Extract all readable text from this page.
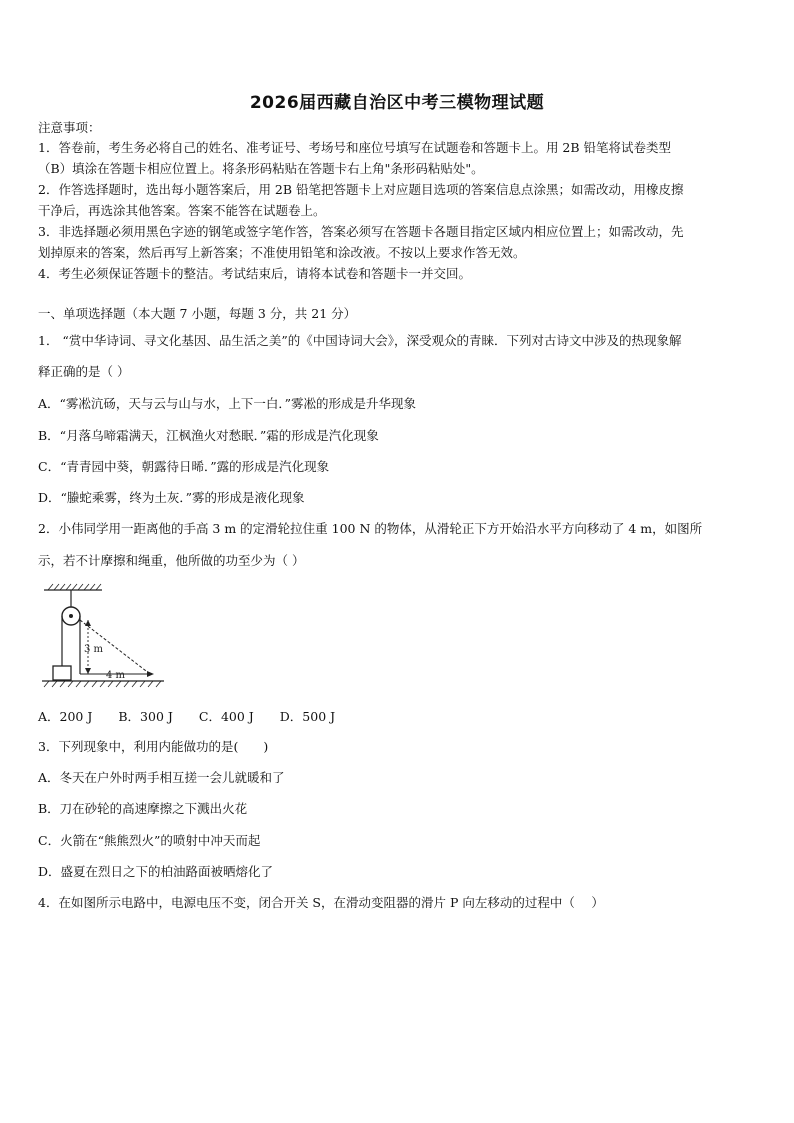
2026届西藏自治区中考三模物理试题
注意事项：
1．答卷前，考生务必将自己的姓名、准考证号、考场号和座位号填写在试题卷和答题卡上。用 2B 铅笔将试卷类型
（B）填涂在答题卡相应位置上。将条形码粘贴在答题卡右上角"条形码粘贴处"。
2．作答选择题时，选出每小题答案后，用 2B 铅笔把答题卡上对应题目选项的答案信息点涂黑；如需改动，用橡皮擦
干净后，再选涂其他答案。答案不能答在试题卷上。
3．非选择题必须用黑色字迹的钢笔或签字笔作答，答案必须写在答题卡各题目指定区域内相应位置上；如需改动，先
划掉原来的答案，然后再写上新答案；不准使用铅笔和涂改液。不按以上要求作答无效。
4．考生必须保证答题卡的整洁。考试结束后，请将本试卷和答题卡一并交回。
一、单项选择题（本大题 7 小题，每题 3 分，共 21 分）
1． “赏中华诗词、寻文化基因、品生活之美”的《中国诗词大会》，深受观众的青睐．下列对古诗文中涉及的热现象解
释正确的是（ ）
A．“雾凇沆砀，天与云与山与水，上下一白．”雾凇的形成是升华现象
B．“月落乌啼霜满天，江枫渔火对愁眠．”霜的形成是汽化现象
C．“青青园中葵，朝露待日晞．”露的形成是汽化现象
D．“螣蛇乘雾，终为土灰．”雾的形成是液化现象
2．小伟同学用一距离他的手高 3 m 的定滑轮拉住重 100 N 的物体，从滑轮正下方开始沿水平方向移动了 4 m，如图所
示，若不计摩擦和绳重，他所做的功至少为（ ）
3 m
4 m
A．200 J B．300 J C．400 J D．500 J
3．下列现象中，利用内能做功的是(　　)
A．冬天在户外时两手相互搓一会儿就暖和了
B．刀在砂轮的高速摩擦之下溅出火花
C．火箭在“熊熊烈火”的喷射中冲天而起
D．盛夏在烈日之下的柏油路面被晒熔化了
4．在如图所示电路中，电源电压不变，闭合开关 S，在滑动变阻器的滑片 P 向左移动的过程中（　 ）
